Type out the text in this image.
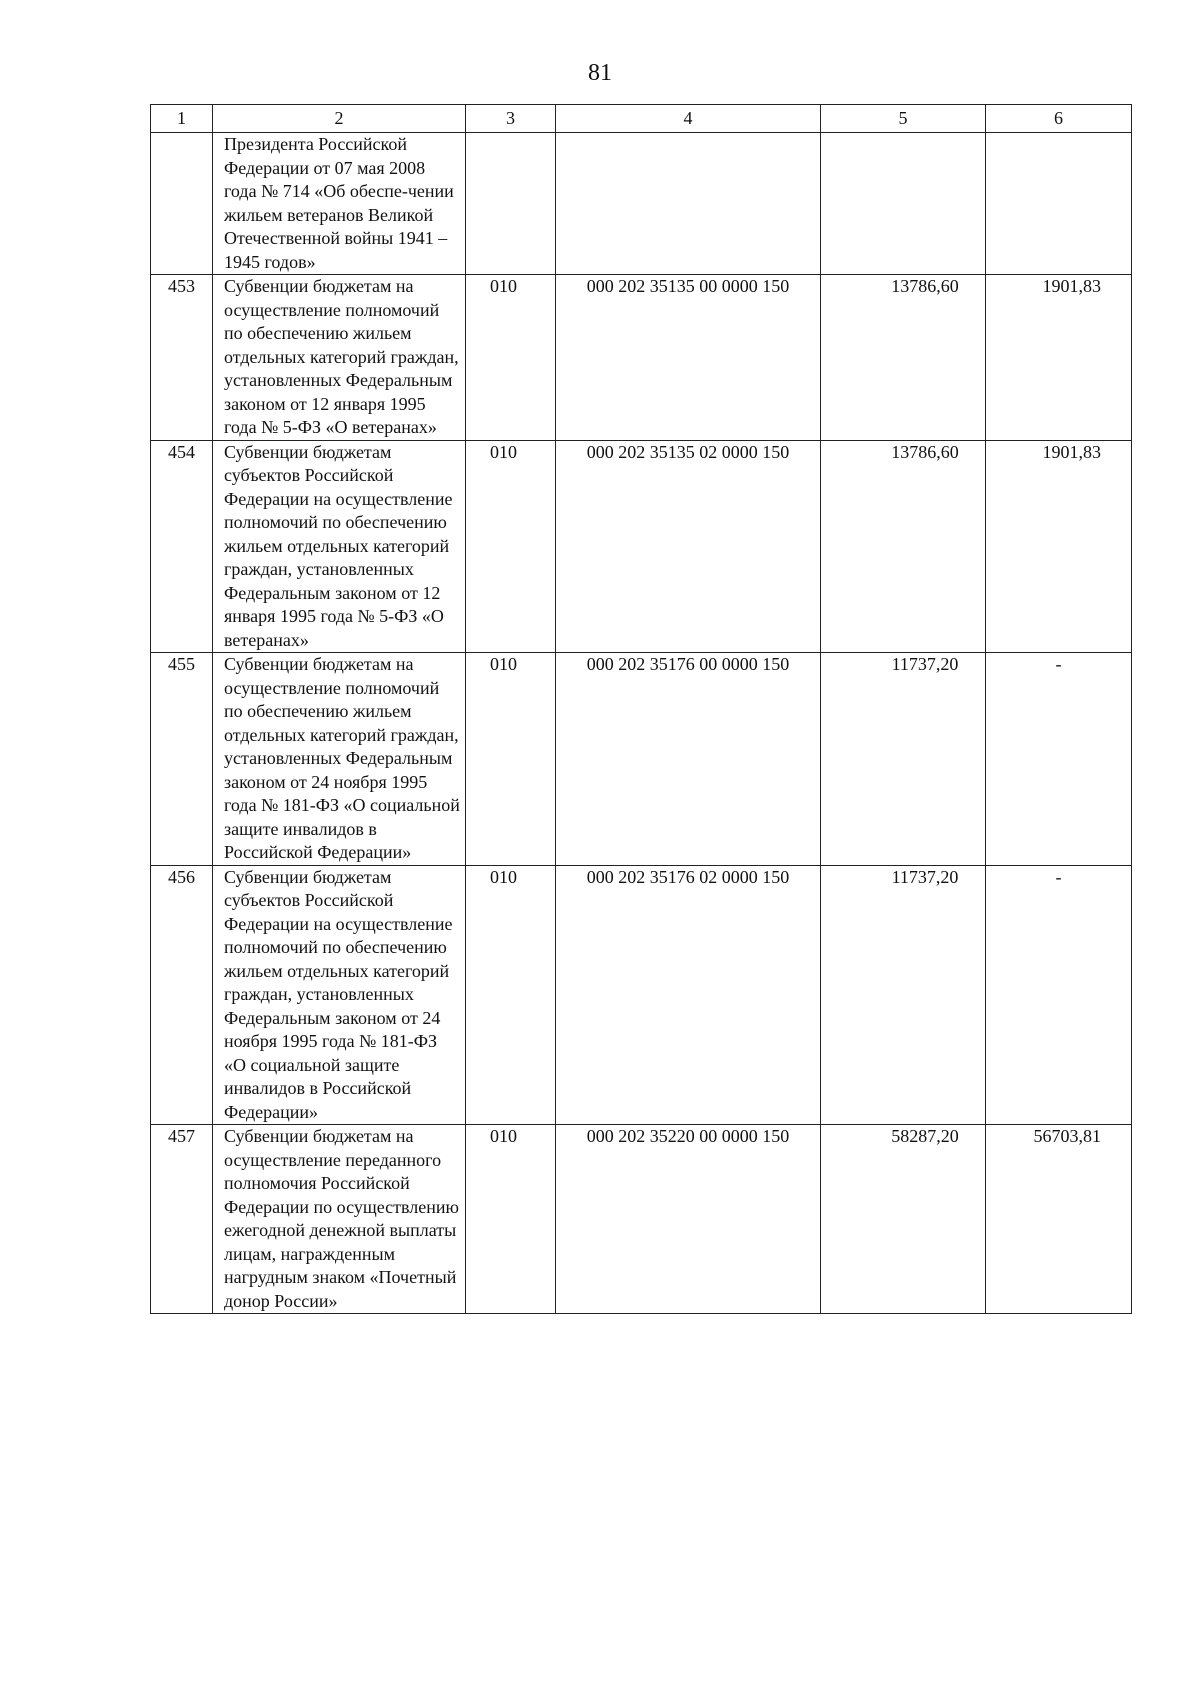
81
1	2	3	4	5	6
	Президента Российской Федерации от 07 мая 2008 года № 714 «Об обеспе-чении жильем ветеранов Великой Отечественной войны 1941 – 1945 годов»				
453	Субвенции бюджетам на осуществление полномочий по обеспечению жильем отдельных категорий граждан, установленных Федеральным законом от 12 января 1995 года № 5-ФЗ «О ветеранах»	010	000 202 35135 00 0000 150	13786,60	1901,83
454	Субвенции бюджетам субъектов Российской Федерации на осуществление полномочий по обеспечению жильем отдельных категорий граждан, установленных Федеральным законом от 12 января 1995 года № 5-ФЗ «О ветеранах»	010	000 202 35135 02 0000 150	13786,60	1901,83
455	Субвенции бюджетам на осуществление полномочий по обеспечению жильем отдельных категорий граждан, установленных Федеральным законом от 24 ноября 1995 года № 181-ФЗ «О социальной защите инвалидов в Российской Федерации»	010	000 202 35176 00 0000 150	11737,20	-
456	Субвенции бюджетам субъектов Российской Федерации на осуществление полномочий по обеспечению жильем отдельных категорий граждан, установленных Федеральным законом от 24 ноября 1995 года № 181-ФЗ «О социальной защите инвалидов в Российской Федерации»	010	000 202 35176 02 0000 150	11737,20	-
457	Субвенции бюджетам на осуществление переданного полномочия Российской Федерации по осуществлению ежегодной денежной выплаты лицам, награжденным нагрудным знаком «Почетный донор России»	010	000 202 35220 00 0000 150	58287,20	56703,81
